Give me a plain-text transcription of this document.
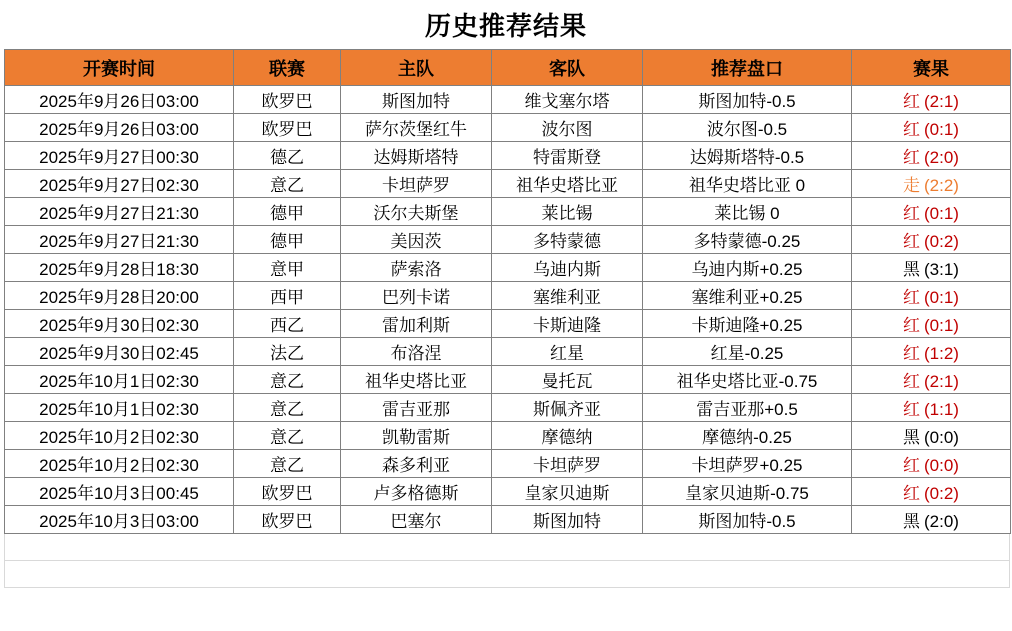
历史推荐结果
开赛时间	联赛	主队	客队	推荐盘口	赛果
2025年9月26日03:00	欧罗巴	斯图加特	维戈塞尔塔	斯图加特-0.5	红 (2:1)
2025年9月26日03:00	欧罗巴	萨尔茨堡红牛	波尔图	波尔图-0.5	红 (0:1)
2025年9月27日00:30	德乙	达姆斯塔特	特雷斯登	达姆斯塔特-0.5	红 (2:0)
2025年9月27日02:30	意乙	卡坦萨罗	祖华史塔比亚	祖华史塔比亚 0	走 (2:2)
2025年9月27日21:30	德甲	沃尔夫斯堡	莱比锡	莱比锡 0	红 (0:1)
2025年9月27日21:30	德甲	美因茨	多特蒙德	多特蒙德-0.25	红 (0:2)
2025年9月28日18:30	意甲	萨索洛	乌迪内斯	乌迪内斯+0.25	黑 (3:1)
2025年9月28日20:00	西甲	巴列卡诺	塞维利亚	塞维利亚+0.25	红 (0:1)
2025年9月30日02:30	西乙	雷加利斯	卡斯迪隆	卡斯迪隆+0.25	红 (0:1)
2025年9月30日02:45	法乙	布洛涅	红星	红星-0.25	红 (1:2)
2025年10月1日02:30	意乙	祖华史塔比亚	曼托瓦	祖华史塔比亚-0.75	红 (2:1)
2025年10月1日02:30	意乙	雷吉亚那	斯佩齐亚	雷吉亚那+0.5	红 (1:1)
2025年10月2日02:30	意乙	凯勒雷斯	摩德纳	摩德纳-0.25	黑 (0:0)
2025年10月2日02:30	意乙	森多利亚	卡坦萨罗	卡坦萨罗+0.25	红 (0:0)
2025年10月3日00:45	欧罗巴	卢多格德斯	皇家贝迪斯	皇家贝迪斯-0.75	红 (0:2)
2025年10月3日03:00	欧罗巴	巴塞尔	斯图加特	斯图加特-0.5	黑 (2:0)
